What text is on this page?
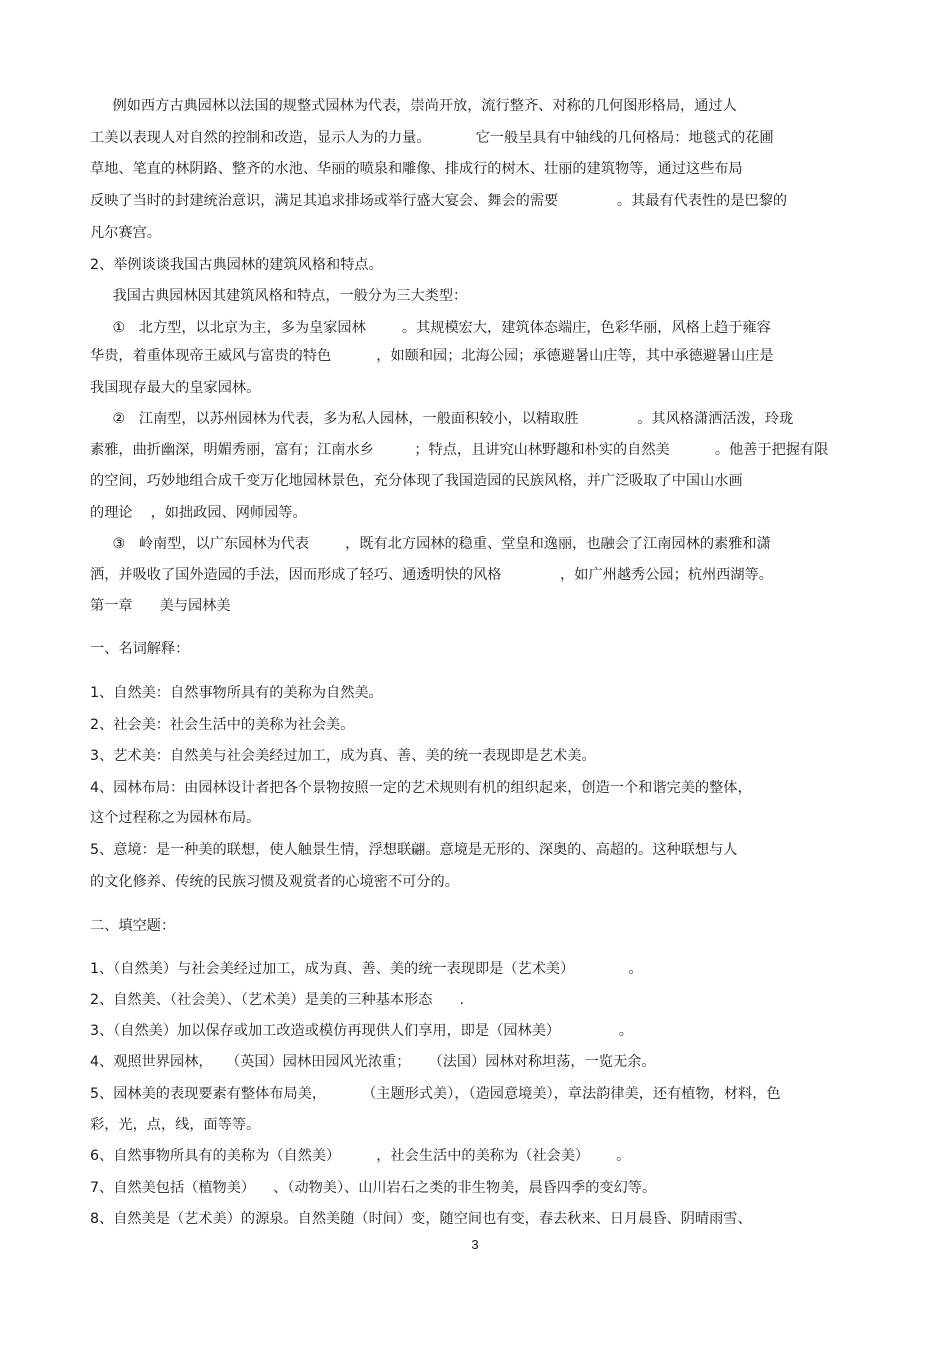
例如西方古典园林以法国的规整式园林为代表，崇尚开放，流行整齐、对称的几何图形格局，通过人

工美以表现人对自然的控制和改造，显示人为的力量。          它一般呈具有中轴线的几何格局：地毯式的花圃

草地、笔直的林阴路、整齐的水池、华丽的喷泉和雕像、排成行的树木、壮丽的建筑物等，通过这些布局

反映了当时的封建统治意识，满足其追求排场或举行盛大宴会、舞会的需要             。其最有代表性的是巴黎的

凡尔赛宫。

2、举例谈谈我国古典园林的建筑风格和特点。

我国古典园林因其建筑风格和特点，一般分为三大类型：

①   北方型，以北京为主，多为皇家园林        。其规模宏大，建筑体态端庄，色彩华丽，风格上趋于雍容

华贵，着重体现帝王威风与富贵的特色          ，如颐和园；北海公园；承德避暑山庄等，其中承德避暑山庄是

我国现存最大的皇家园林。

②   江南型，以苏州园林为代表，多为私人园林，一般面积较小，以精取胜             。其风格潇洒活泼，玲珑

素雅，曲折幽深，明媚秀丽，富有；江南水乡         ；特点，且讲究山林野趣和朴实的自然美          。他善于把握有限

的空间，巧妙地组合成千变万化地园林景色，充分体现了我国造园的民族风格，并广泛吸取了中国山水画

的理论    ，如拙政园、网师园等。

③   岭南型，以广东园林为代表        ，既有北方园林的稳重、堂皇和逸丽，也融会了江南园林的素雅和潇

洒，并吸收了国外造园的手法，因而形成了轻巧、通透明快的风格             ，如广州越秀公园；杭州西湖等。

第一章      美与园林美

一、名词解释：

1、自然美：自然事物所具有的美称为自然美。

2、社会美：社会生活中的美称为社会美。

3、艺术美：自然美与社会美经过加工，成为真、善、美的统一表现即是艺术美。

4、园林布局：由园林设计者把各个景物按照一定的艺术规则有机的组织起来，创造一个和谐完美的整体，

这个过程称之为园林布局。

5、意境：是一种美的联想，使人触景生情，浮想联翩。意境是无形的、深奥的、高超的。这种联想与人

的文化修养、传统的民族习惯及观赏者的心境密不可分的。

二、填空题：

1、（自然美）与社会美经过加工，成为真、善、美的统一表现即是（艺术美）            。

2、自然美、（社会美）、（艺术美）是美的三种基本形态      .

3、（自然美）加以保存或加工改造或模仿再现供人们享用，即是（园林美）             。

4、观照世界园林，   （英国）园林田园风光浓重；    （法国）园林对称坦荡，一览无余。

5、园林美的表现要素有整体布局美，        （主题形式美），（造园意境美），章法韵律美，还有植物，材料，色

彩，光，点，线，面等等。

6、自然事物所具有的美称为（自然美）        ，社会生活中的美称为（社会美）      。

7、自然美包括（植物美）    、（动物美）、山川岩石之类的非生物美，晨昏四季的变幻等。

8、自然美是（艺术美）的源泉。自然美随（时间）变，随空间也有变，春去秋来、日月晨昏、阴晴雨雪、

3
